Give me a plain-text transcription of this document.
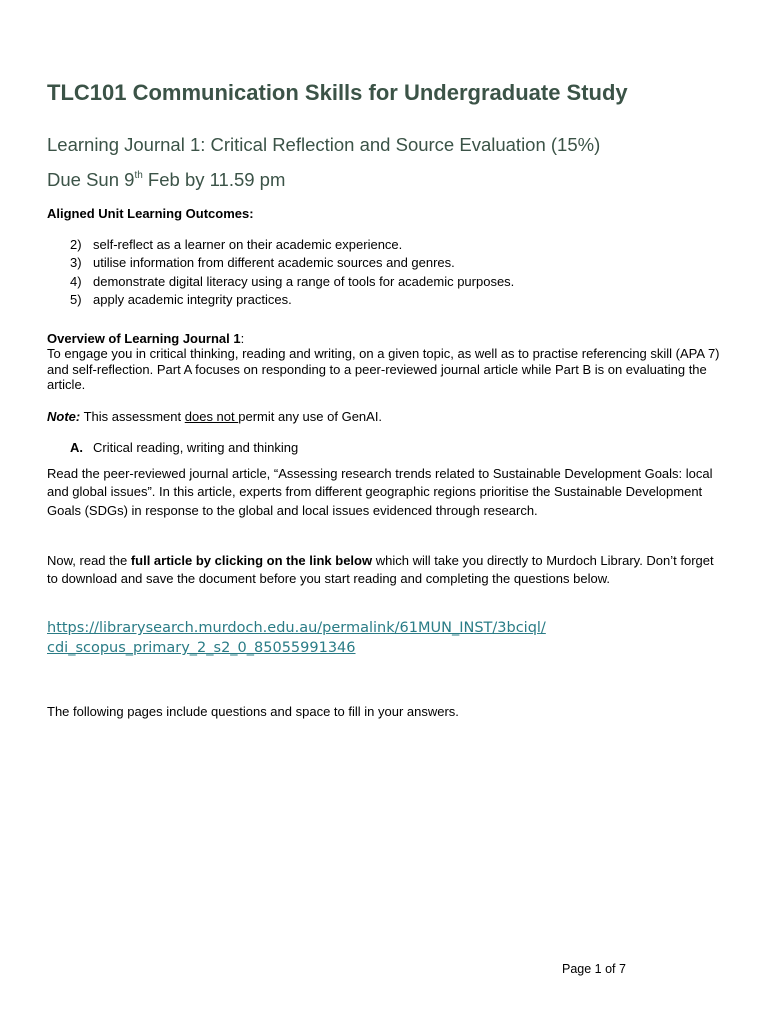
TLC101 Communication Skills for Undergraduate Study
Learning Journal 1: Critical Reflection and Source Evaluation (15%)

Due Sun 9th Feb by 11.59 pm

Aligned Unit Learning Outcomes:

2) self-reflect as a learner on their academic experience.
3) utilise information from different academic sources and genres.
4) demonstrate digital literacy using a range of tools for academic purposes.
5) apply academic integrity practices.
Overview of Learning Journal 1:
To engage you in critical thinking, reading and writing, on a given topic, as well as to practise referencing skill (APA 7) and self-reflection. Part A focuses on responding to a peer-reviewed journal article while Part B is on evaluating the article.

Note: This assessment does not permit any use of GenAI.

A. Critical reading, writing and thinking

Read the peer-reviewed journal article, “Assessing research trends related to Sustainable Development Goals: local and global issues”. In this article, experts from different geographic regions prioritise the Sustainable Development Goals (SDGs) in response to the global and local issues evidenced through research.

Now, read the full article by clicking on the link below which will take you directly to Murdoch Library. Don’t forget to download and save the document before you start reading and completing the questions below.

https://librarysearch.murdoch.edu.au/permalink/61MUN_INST/3bciql/
cdi_scopus_primary_2_s2_0_85055991346

The following pages include questions and space to fill in your answers.

Page 1 of 7
